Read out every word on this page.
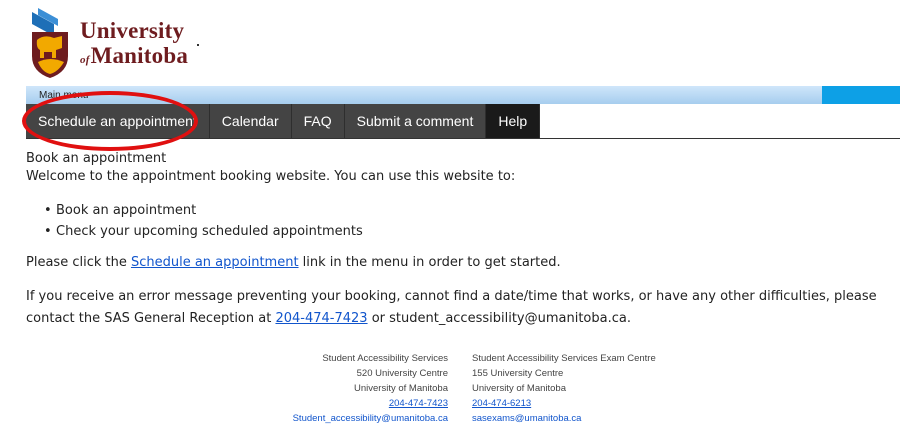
University
ofManitoba
Main menu
Schedule an appointment	Calendar	FAQ	Submit a comment	Help

Book an appointment

Welcome to the appointment booking website. You can use this website to:

• Book an appointment
• Check your upcoming scheduled appointments

Please click the Schedule an appointment link in the menu in order to get started.

If you receive an error message preventing your booking, cannot find a date/time that works, or have any other difficulties, please contact the SAS General Reception at 204-474-7423 or student_accessibility@umanitoba.ca.

Student Accessibility Services
520 University Centre
University of Manitoba
204-474-7423
Student_accessibility@umanitoba.ca
Student Accessibility Services Exam Centre
155 University Centre
University of Manitoba
204-474-6213
sasexams@umanitoba.ca
